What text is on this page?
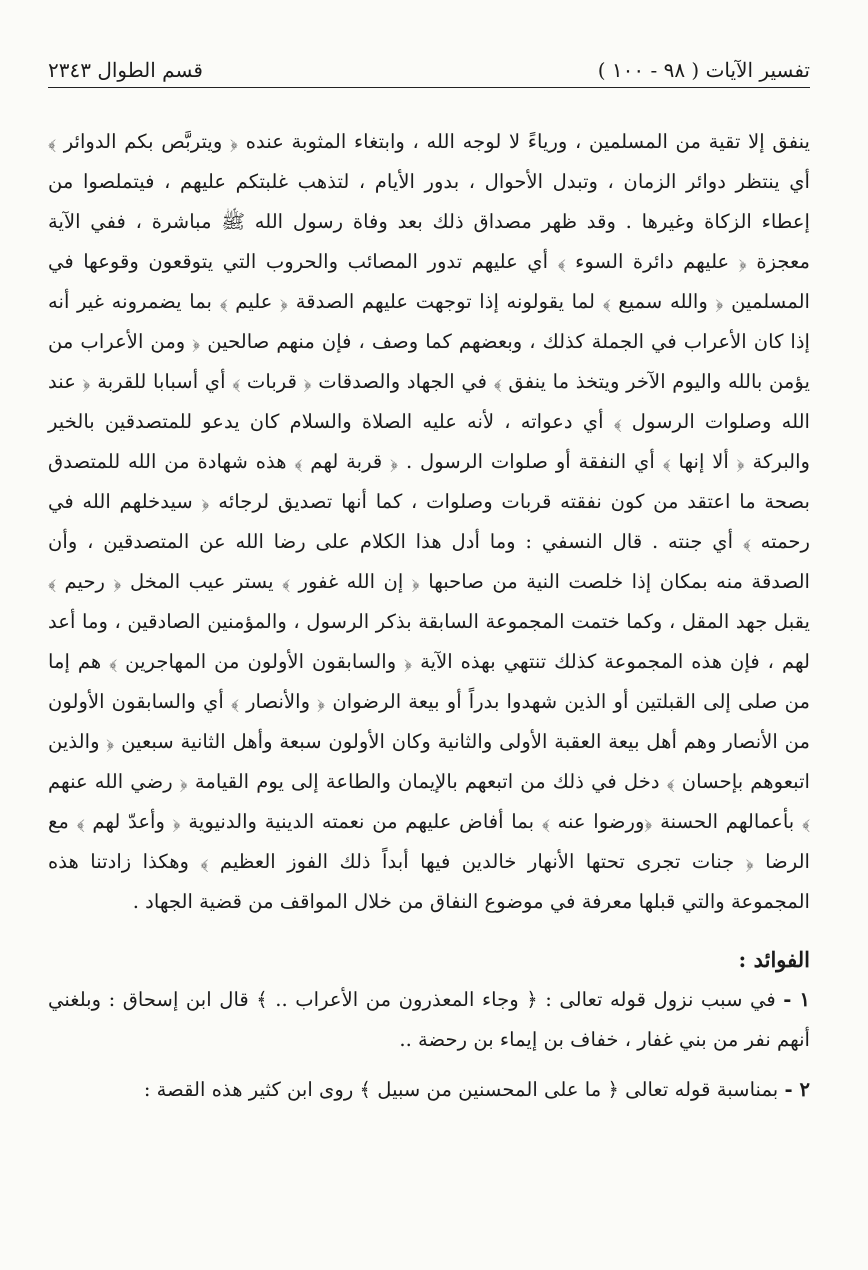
تفسير الآيات ( ٩٨ - ١٠٠ )
قسم الطوال ٢٣٤٣

ينفق إلا تقية من المسلمين ، ورياءً لا لوجه الله ، وابتغاء المثوبة عنده ﴿ ويتربَّص بكم الدوائر ﴾ أي ينتظر دوائر الزمان ، وتبدل الأحوال ، بدور الأيام ، لتذهب غلبتكم عليهم ، فيتملصوا من إعطاء الزكاة وغيرها . وقد ظهر مصداق ذلك بعد وفاة رسول الله ﷺ مباشرة ، ففي الآية معجزة ﴿ عليهم دائرة السوء ﴾ أي عليهم تدور المصائب والحروب التي يتوقعون وقوعها في المسلمين ﴿ والله سميع ﴾ لما يقولونه إذا توجهت عليهم الصدقة ﴿ عليم ﴾ بما يضمرونه غير أنه إذا كان الأعراب في الجملة كذلك ، وبعضهم كما وصف ، فإن منهم صالحين ﴿ ومن الأعراب من يؤمن بالله واليوم الآخر ويتخذ ما ينفق ﴾ في الجهاد والصدقات ﴿ قربات ﴾ أي أسبابا للقربة ﴿ عند الله وصلوات الرسول ﴾ أي دعواته ، لأنه عليه الصلاة والسلام كان يدعو للمتصدقين بالخير والبركة ﴿ ألا إنها ﴾ أي النفقة أو صلوات الرسول . ﴿ قربة لهم ﴾ هذه شهادة من الله للمتصدق بصحة ما اعتقد من كون نفقته قربات وصلوات ، كما أنها تصديق لرجائه ﴿ سيدخلهم الله في رحمته ﴾ أي جنته . قال النسفي : وما أدل هذا الكلام على رضا الله عن المتصدقين ، وأن الصدقة منه بمكان إذا خلصت النية من صاحبها ﴿ إن الله غفور ﴾ يستر عيب المخل ﴿ رحيم ﴾ يقبل جهد المقل ، وكما ختمت المجموعة السابقة بذكر الرسول ، والمؤمنين الصادقين ، وما أعد لهم ، فإن هذه المجموعة كذلك تنتهي بهذه الآية ﴿ والسابقون الأولون من المهاجرين ﴾ هم إما من صلى إلى القبلتين أو الذين شهدوا بدراً أو بيعة الرضوان ﴿ والأنصار ﴾ أي والسابقون الأولون من الأنصار وهم أهل بيعة العقبة الأولى والثانية وكان الأولون سبعة وأهل الثانية سبعين ﴿ والذين اتبعوهم بإحسان ﴾ دخل في ذلك من اتبعهم بالإيمان والطاعة إلى يوم القيامة ﴿ رضي الله عنهم ﴾ بأعمالهم الحسنة ﴿ورضوا عنه ﴾ بما أفاض عليهم من نعمته الدينية والدنيوية ﴿ وأعدّ لهم ﴾ مع الرضا ﴿ جنات تجرى تحتها الأنهار خالدين فيها أبداً ذلك الفوز العظيم ﴾ وهكذا زادتنا هذه المجموعة والتي قبلها معرفة في موضوع النفاق من خلال المواقف من قضية الجهاد .

الفوائد :

١ - في سبب نزول قوله تعالى : ﴿ وجاء المعذرون من الأعراب .. ﴾ قال ابن إسحاق : وبلغني أنهم نفر من بني غفار ، خفاف بن إيماء بن رحضة ..

٢ - بمناسبة قوله تعالى ﴿ ما على المحسنين من سبيل ﴾ روى ابن كثير هذه القصة :
